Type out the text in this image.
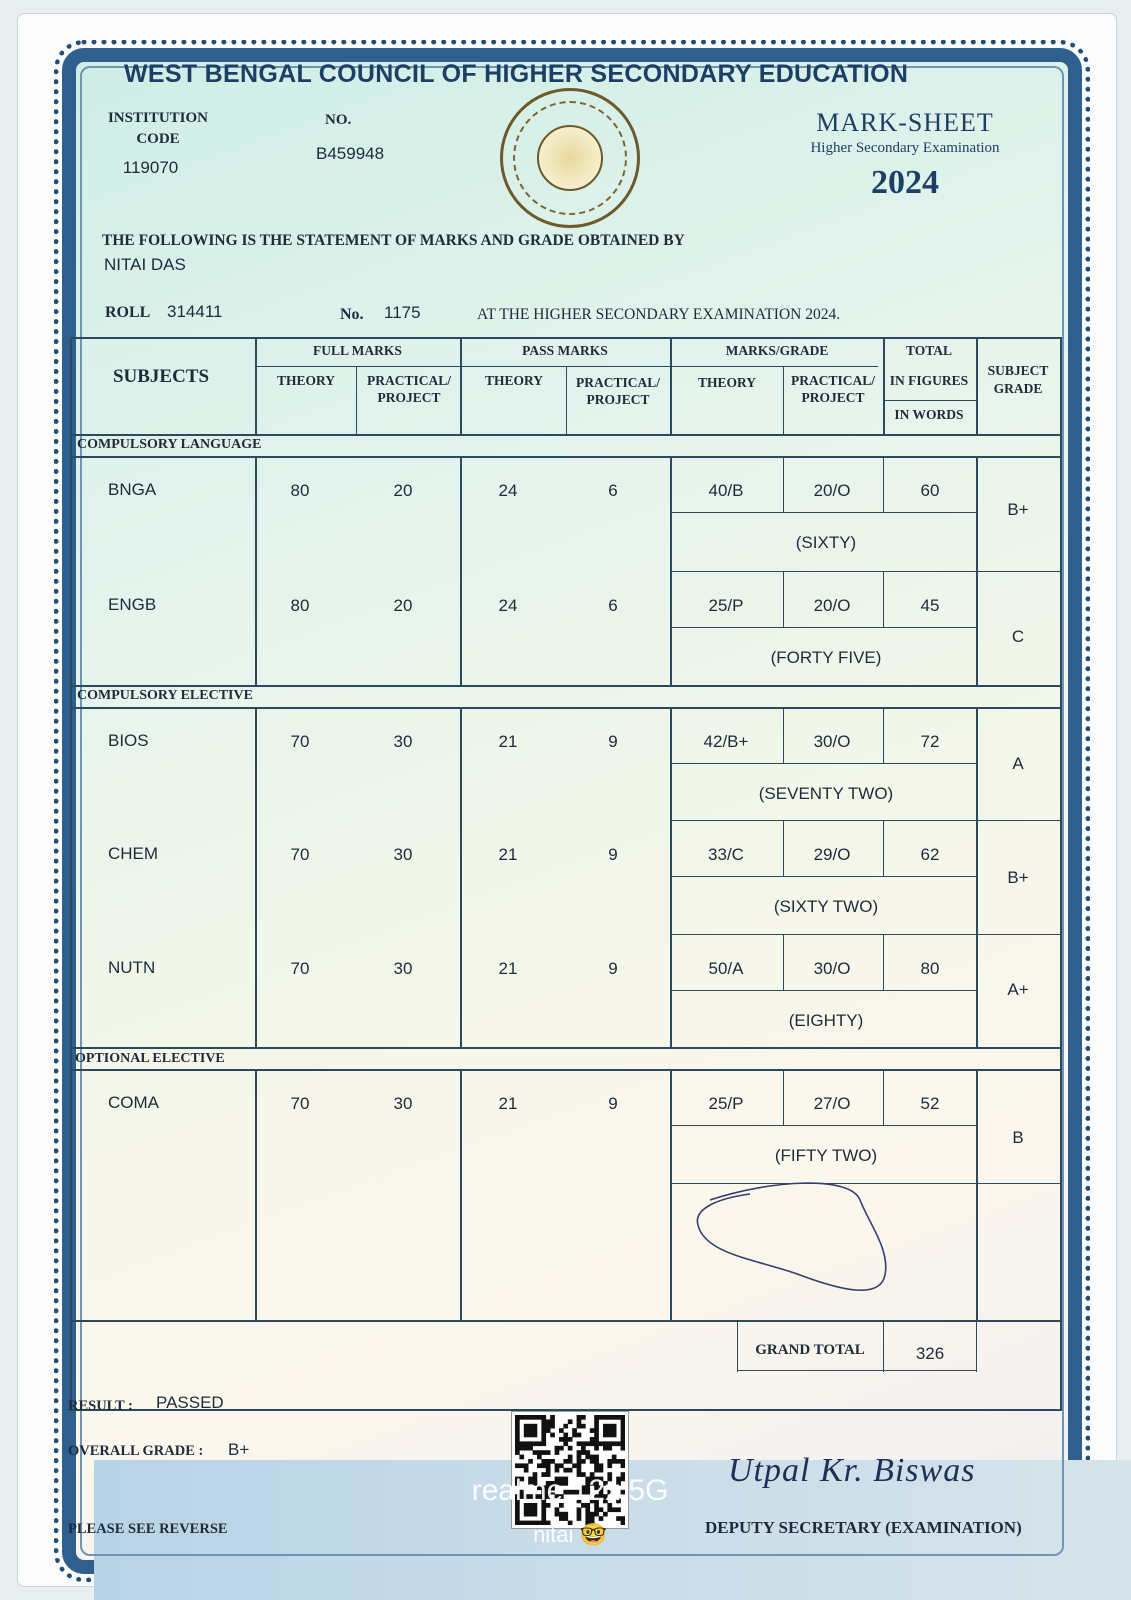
WEST BENGAL COUNCIL OF HIGHER SECONDARY EDUCATION
INSTITUTION
CODE
119070
NO.
B459948
MARK-SHEET
Higher Secondary Examination
2024
THE FOLLOWING IS THE STATEMENT OF MARKS AND GRADE OBTAINED BY
NITAI DAS
ROLL 314411	No. 1175	AT THE HIGHER SECONDARY EXAMINATION 2024.
SUBJECTS
FULL MARKS	PASS MARKS	MARKS/GRADE	TOTAL
SUBJECT
GRADE
THEORY	PRACTICAL/
PROJECT
THEORY	PRACTICAL/
PROJECT
THEORY	PRACTICAL/
PROJECT
IN FIGURES
IN WORDS
COMPULSORY LANGUAGE
COMPULSORY ELECTIVE
OPTIONAL ELECTIVE
BNGA	80	20	24	6	40/B	20/O	60
(SIXTY)
B+
ENGB	80	20	24	6	25/P	20/O	45
(FORTY FIVE)
C
BIOS	70	30	21	9	42/B+	30/O	72
(SEVENTY TWO)
A
CHEM	70	30	21	9	33/C	29/O	62
(SIXTY TWO)
B+
NUTN	70	30	21	9	50/A	30/O	80
(EIGHTY)
A+
COMA	70	30	21	9	25/P	27/O	52
(FIFTY TWO)
B
GRAND TOTAL	326
RESULT : PASSED
OVERALL GRADE : B+
PLEASE SEE REVERSE
Utpal Kr. Biswas
DEPUTY SECRETARY (EXAMINATION)
realme 12x 5G
nitai 🤓
